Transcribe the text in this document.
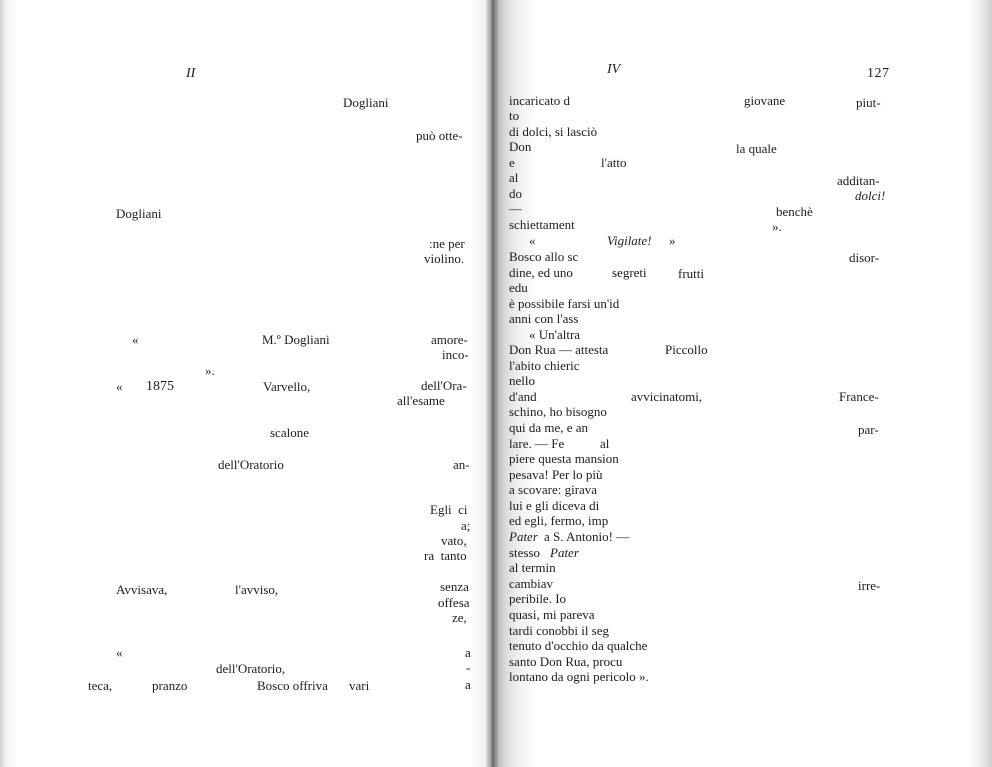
II
Dogliani
può otte-
Dogliani
:ne per
violino.
«	M.º Dogliani	amore-
inco-
».
« 1875	Varvello,	dell'Ora-
all'esame
scalone
dell'Oratorio	an-
Egli  ci
a;
vato,
ra  tanto
Avvisava,	l'avviso,	senza
offesa
ze,
«	a
dell'Oratorio,	-
teca,	pranzo	Bosco offriva vari	a
IV	127
incaricato d	giovane	piut-
to
di dolci, si lasciò
Don	la quale
e	l'atto
al	additan-
do	dolci!
—	benchè
schiettament	».
«	Vigilate! »
Bosco allo sc	disor-
dine, ed uno	segreti frutti
edu
è possibile farsi un'id
anni con l'ass
« Un'altra
Don Rua — attesta	Piccollo
l'abito chieric
nello
d'and	avvicinatomi,	France-
schino, ho bisogno
qui da me, e an	par-
lare. — Fe	al
piere questa mansion
pesava! Per lo più
a scovare: girava
lui e gli diceva di
ed egli, fermo, imp
Pater a S. Antonio! —
stesso Pater
al termin
cambiav	irre-
peribile. Io
quasi, mi pareva
tardi conobbi il seg
tenuto d'occhio da qualche
santo Don Rua, procu
lontano da ogni pericolo ».
